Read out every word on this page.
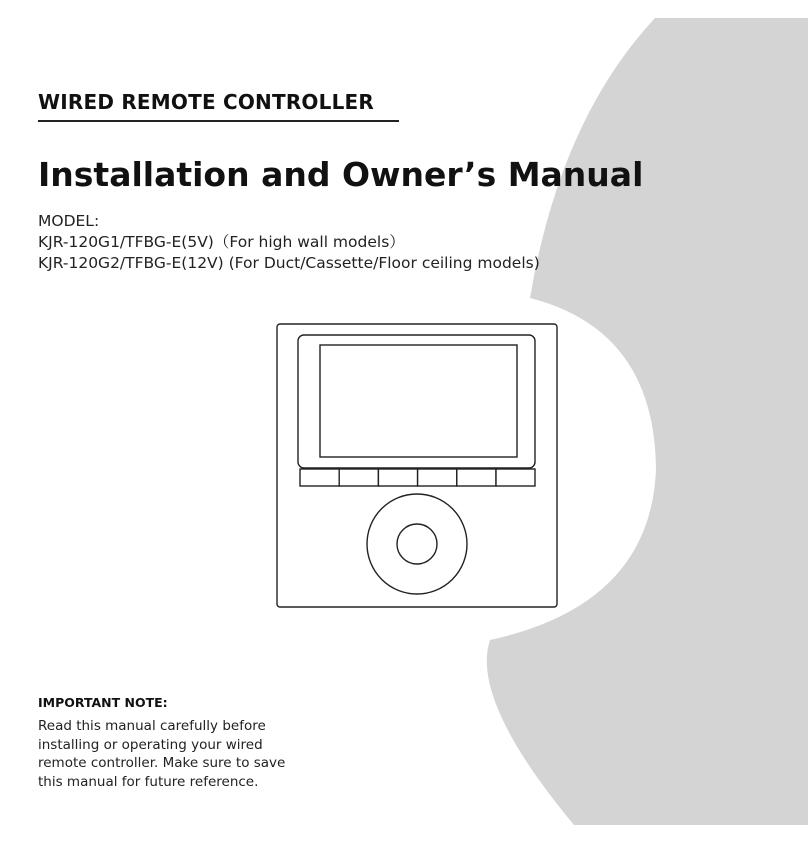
WIRED REMOTE CONTROLLER
Installation and Owner’s Manual
MODEL:
KJR-120G1/TFBG-E(5V)（For high wall models）
KJR-120G2/TFBG-E(12V) (For Duct/Cassette/Floor ceiling models)
IMPORTANT NOTE:
Read this manual carefully before
installing or operating your wired
remote controller. Make sure to save
this manual for future reference.
